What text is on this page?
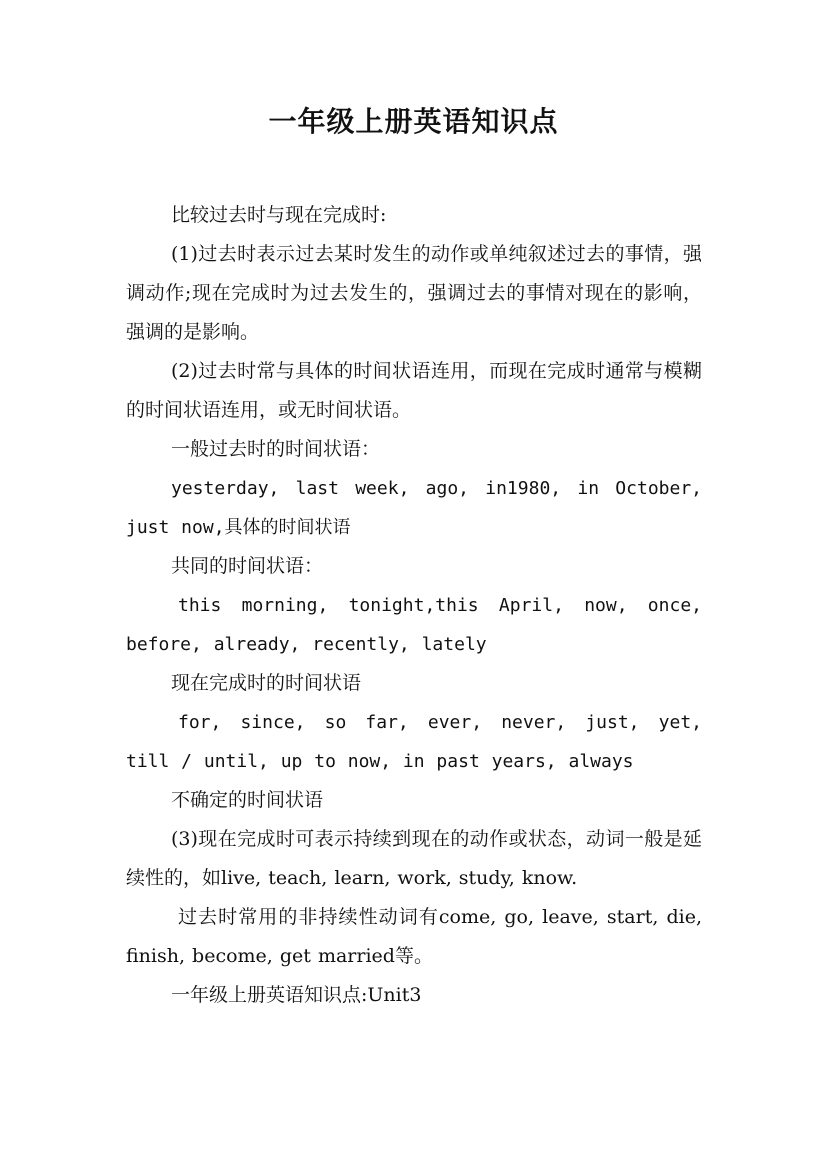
一年级上册英语知识点

比较过去时与现在完成时:

(1)过去时表示过去某时发生的动作或单纯叙述过去的事情，强调动作;现在完成时为过去发生的，强调过去的事情对现在的影响，强调的是影响。

(2)过去时常与具体的时间状语连用，而现在完成时通常与模糊的时间状语连用，或无时间状语。

一般过去时的时间状语：

yesterday, last week, ago, in1980, in October, just now,具体的时间状语

共同的时间状语：

this morning, tonight,this April, now, once, before, already, recently, lately

现在完成时的时间状语

for, since, so far, ever, never, just, yet, till / until, up to now, in past years, always

不确定的时间状语

(3)现在完成时可表示持续到现在的动作或状态，动词一般是延续性的，如live, teach, learn, work, study, know.

过去时常用的非持续性动词有come, go, leave, start, die, finish, become, get married等。

一年级上册英语知识点:Unit3
